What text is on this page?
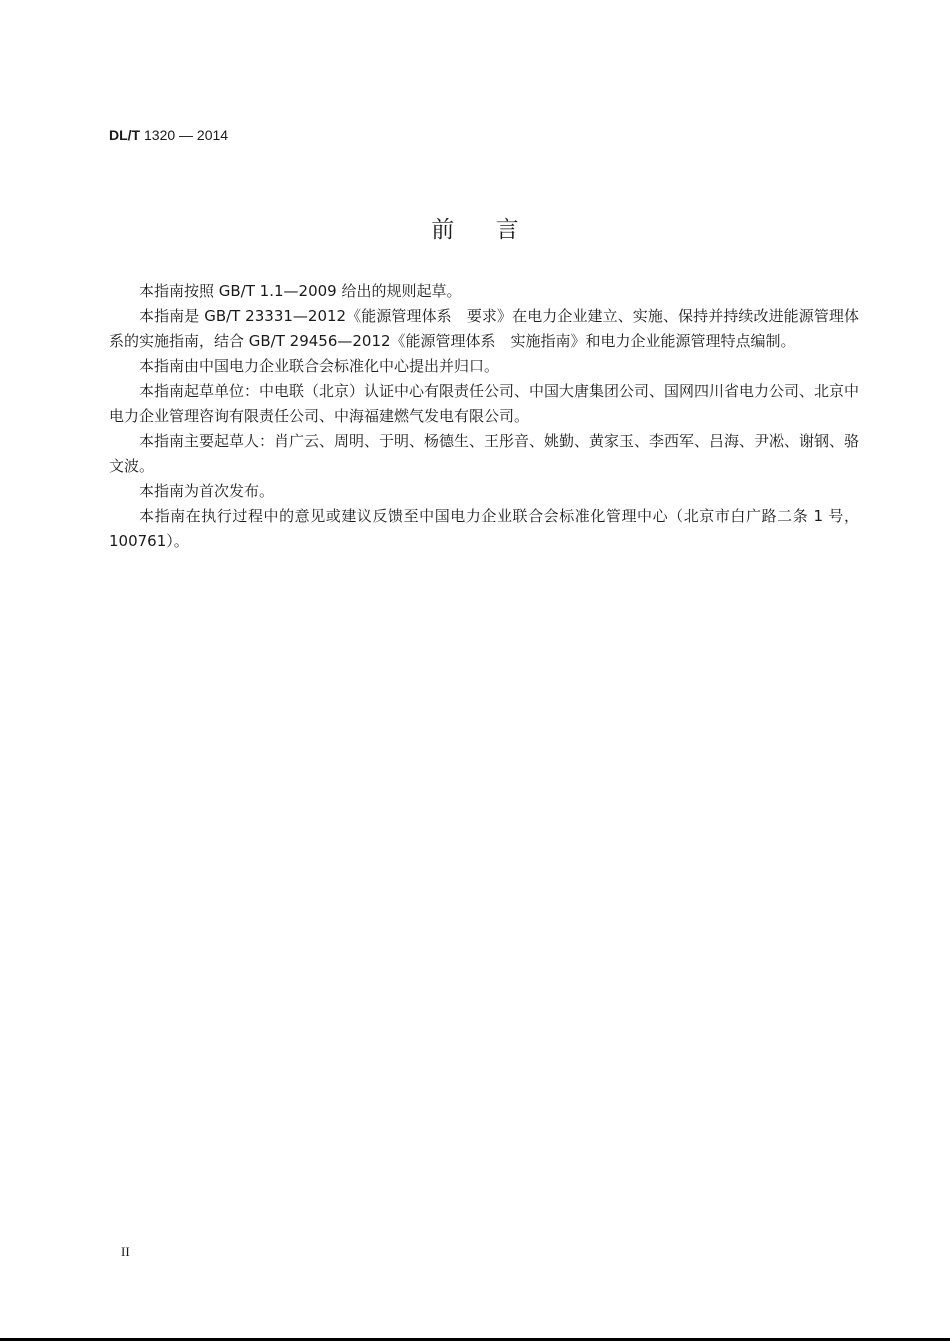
DL/T 1320 — 2014
前言

本指南按照 GB/T 1.1—2009 给出的规则起草。

本指南是 GB/T 23331—2012《能源管理体系　要求》在电力企业建立、实施、保持并持续改进能源管理体系的实施指南，结合 GB/T 29456—2012《能源管理体系　实施指南》和电力企业能源管理特点编制。

本指南由中国电力企业联合会标准化中心提出并归口。

本指南起草单位：中电联（北京）认证中心有限责任公司、中国大唐集团公司、国网四川省电力公司、北京中电力企业管理咨询有限责任公司、中海福建燃气发电有限公司。

本指南主要起草人：肖广云、周明、于明、杨德生、王彤音、姚勤、黄家玉、李西军、吕海、尹凇、谢钢、骆文波。

本指南为首次发布。

本指南在执行过程中的意见或建议反馈至中国电力企业联合会标准化管理中心（北京市白广路二条 1 号，100761）。

II
